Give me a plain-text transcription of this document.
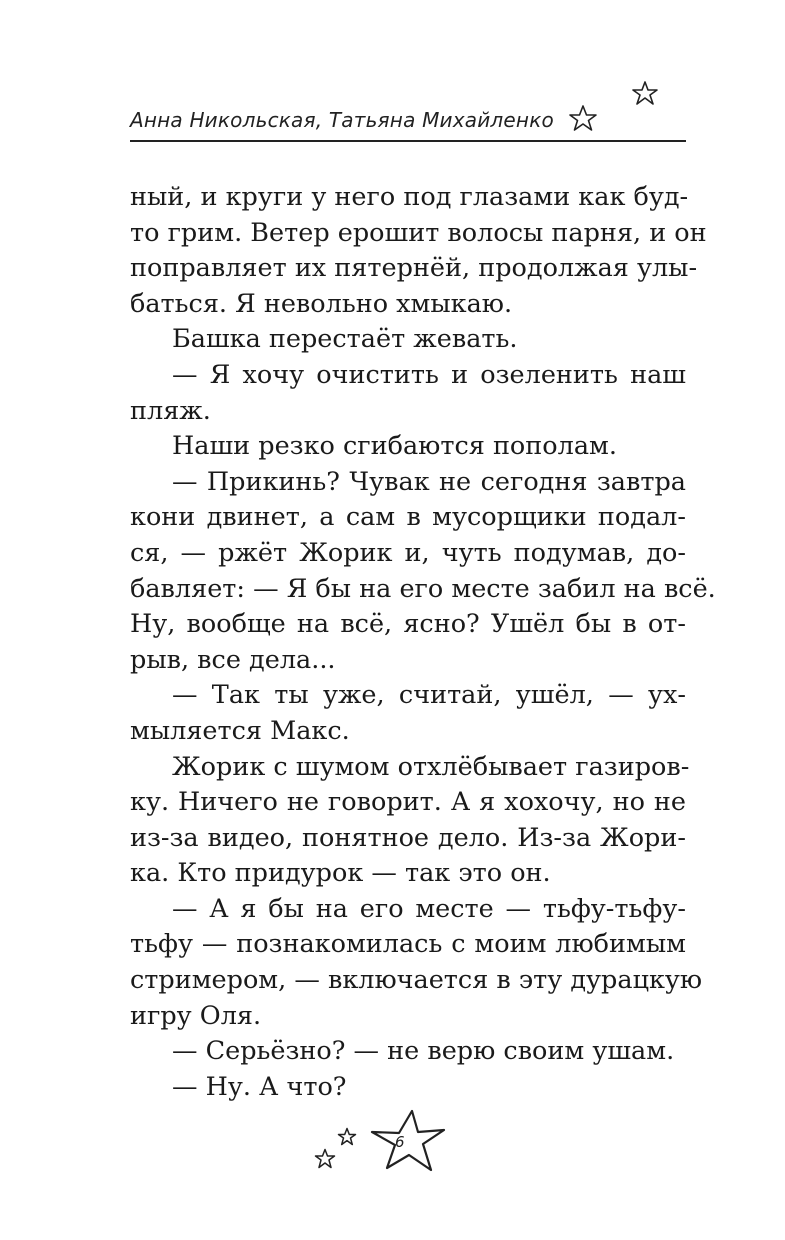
Анна Никольская, Татьяна Михайленко
ный, и круги у него под глазами как буд-
то грим. Ветер ерошит волосы парня, и он
поправляет их пятернёй, продолжая улы-
баться. Я невольно хмыкаю.
Башка перестаёт жевать.
— Я хочу очистить и озеленить наш
пляж.
Наши резко сгибаются пополам.
— Прикинь? Чувак не сегодня завтра
кони двинет, а сам в мусорщики подал-
ся, — ржёт Жорик и, чуть подумав, до-
бавляет: — Я бы на его месте забил на всё.
Ну, вообще на всё, ясно? Ушёл бы в от-
рыв, все дела...
— Так ты уже, считай, ушёл, — ух-
мыляется Макс.
Жорик с шумом отхлёбывает газиров-
ку. Ничего не говорит. А я хохочу, но не
из-за видео, понятное дело. Из-за Жори-
ка. Кто придурок — так это он.
— А я бы на его месте — тьфу-тьфу-
тьфу — познакомилась с моим любимым
стримером, — включается в эту дурацкую
игру Оля.
— Серьёзно? — не верю своим ушам.
— Ну. А что?
6
